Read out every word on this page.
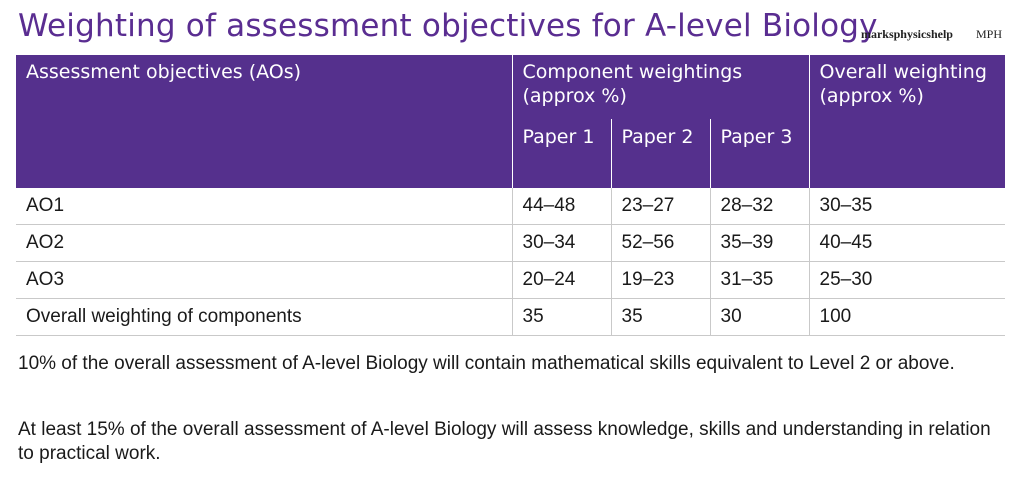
Weighting of assessment objectives for A-level Biology
marksphysicshelp MPH
Assessment objectives (AOs)	Component weightings (approx %)			Overall weighting (approx %)
	Paper 1	Paper 2	Paper 3	
AO1	44–48	23–27	28–32	30–35
AO2	30–34	52–56	35–39	40–45
AO3	20–24	19–23	31–35	25–30
Overall weighting of components	35	35	30	100
10% of the overall assessment of A-level Biology will contain mathematical skills equivalent to Level 2 or above.
At least 15% of the overall assessment of A-level Biology will assess knowledge, skills and understanding in relation to practical work.
